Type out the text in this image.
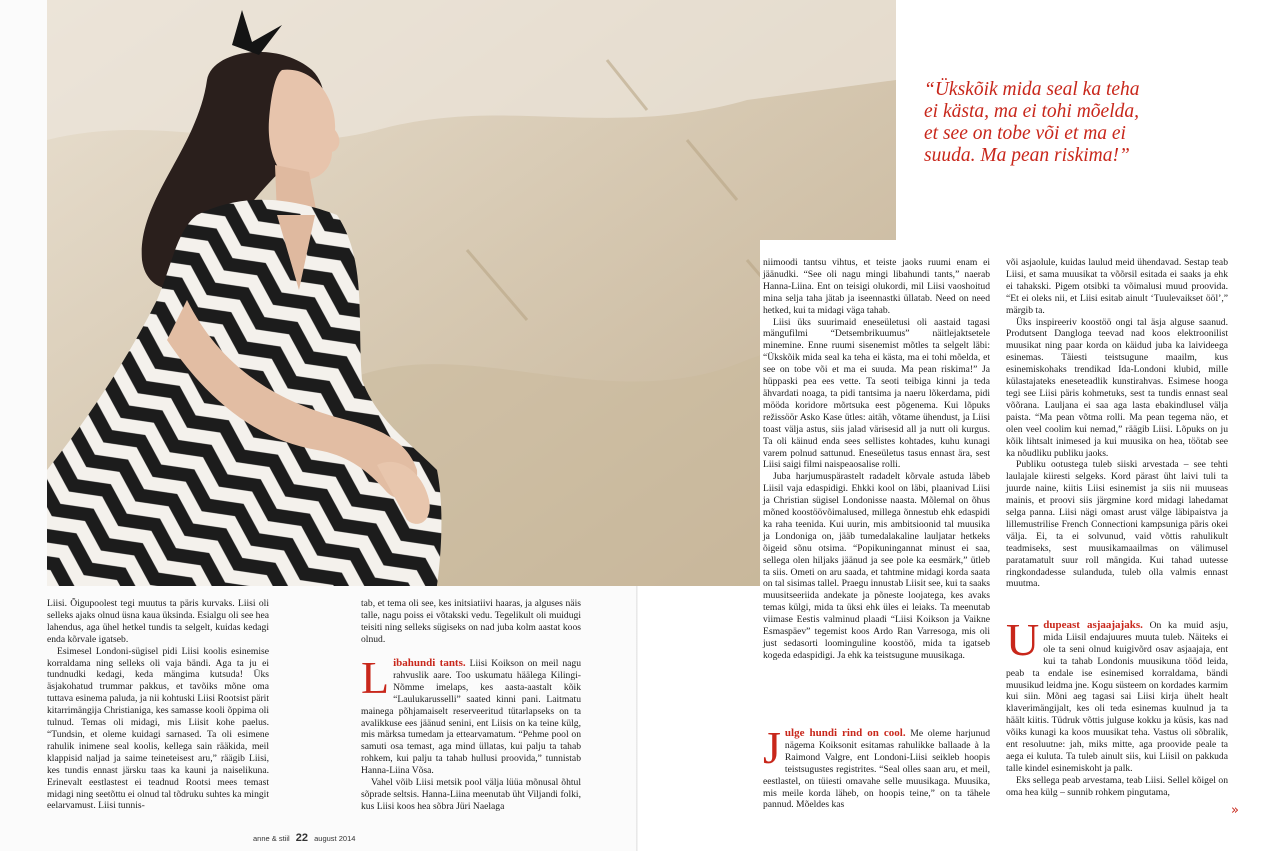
“Ükskõik mida seal ka teha ei kästa, ma ei tohi mõelda, et see on tobe või et ma ei suuda. Ma pean riskima!”

Liisi. Õigupoolest tegi muutus ta päris kurvaks. Liisi oli selleks ajaks olnud üsna kaua üksinda. Esialgu oli see hea lahendus, aga ühel hetkel tundis ta selgelt, kuidas kedagi enda kõrvale igatseb.

Esimesel Londoni-sügisel pidi Liisi koolis esinemise korraldama ning selleks oli vaja bändi. Aga ta ju ei tundnudki kedagi, keda mängima kutsuda! Üks äsjakohatud trummar pakkus, et tavõiks mõne oma tuttava esinema paluda, ja nii kohtuski Liisi Rootsist pärit kitarrimängija Christianiga, kes samasse kooli õppima oli tulnud. Temas oli midagi, mis Liisit kohe paelus. “Tundsin, et oleme kuidagi sarnased. Ta oli esimene rahulik inimene seal koolis, kellega sain rääkida, meil klappisid naljad ja saime teineteisest aru,” räägib Liisi, kes tundis ennast järsku taas ka kauni ja naiselikuna. Erinevalt eestlastest ei teadnud Rootsi mees temast midagi ning seetõttu ei olnud tal tõdruku suhtes ka mingit eelarvamust. Liisi tunnis-

tab, et tema oli see, kes initsiatiivi haaras, ja alguses näis talle, nagu poiss ei võtakski vedu. Tegelikult oli muidugi teisiti ning selleks sügiseks on nad juba kolm aastat koos olnud.

Libahundi tants. Liisi Koikson on meil nagu rahvuslik aare. Too uskumatu häälega Kilingi-Nõmme imelaps, kes aasta-aastalt kõik “Laulukarusselli” saated kinni pani. Laitmatu mainega põhjamaiselt reserveeritud tütarlapseks on ta avalikkuse ees jäänud senini, ent Liisis on ka teine külg, mis märksa tumedam ja ettearvamatum. “Pehme pool on samuti osa temast, aga mind üllatas, kui palju ta tahab rohkem, kui palju ta tahab hullusi proovida,” tunnistab Hanna-Liina Võsa.

Vahel võib Liisi metsik pool välja lüüa mõnusal õhtul sõprade seltsis. Hanna-Liina meenutab üht Viljandi folki, kus Liisi koos hea sõbra Jüri Naelaga

niimoodi tantsu vihtus, et teiste jaoks ruumi enam ei jäänudki. “See oli nagu mingi libahundi tants,” naerab Hanna-Liina. Ent on teisigi olukordi, mil Liisi vaoshoitud mina selja taha jätab ja iseennastki üllatab. Need on need hetked, kui ta midagi väga tahab.

Liisi üks suurimaid eneseületusi oli aastaid tagasi mängufilmi “Detsembrikuumus” näitlejaktsetele minemine. Enne ruumi sisenemist mõtles ta selgelt läbi: “Ükskõik mida seal ka teha ei kästa, ma ei tohi mõelda, et see on tobe või et ma ei suuda. Ma pean riskima!” Ja hüppaski pea ees vette. Ta seoti teibiga kinni ja teda ähvardati noaga, ta pidi tantsima ja naeru lõkerdama, pidi mööda koridore mõrtsuka eest põgenema. Kui lõpuks režissöör Asko Kase ütles: aitäh, võtame ühendust, ja Liisi toast välja astus, siis jalad värisesid all ja nutt oli kurgus. Ta oli käinud enda sees sellistes kohtades, kuhu kunagi varem polnud sattunud. Eneseületus tasus ennast ära, sest Liisi saigi filmi naispeaosalise rolli.

Juba harjumuspärastelt radadelt kõrvale astuda läbeb Liisil vaja edaspidigi. Ehkki kool on läbi, plaanivad Liisi ja Christian sügisel Londonisse naasta. Mõlemal on õhus mõned koostöövõimalused, millega õnnestub ehk edaspidi ka raha teenida. Kui uurin, mis ambitsioonid tal muusika ja Londoniga on, jääb tumedalakaline lauljatar hetkeks õigeid sõnu otsima. “Popikuningannat minust ei saa, sellega olen hiljaks jäänud ja see pole ka eesmärk,” ütleb ta siis. Ometi on aru saada, et tahtmine midagi korda saata on tal sisimas tallel. Praegu innustab Liisit see, kui ta saaks muusitseeriida andekate ja põneste loojatega, kes avaks temas külgi, mida ta üksi ehk üles ei leiaks. Ta meenutab viimase Eestis valminud plaadi “Liisi Koikson ja Vaikne Esmaspäev” tegemist koos Ardo Ran Varresoga, mis oli just sedasorti loominguline koostöö, mida ta igatseb kogeda edaspidigi. Ja ehk ka teistsugune muusikaga.

Julge hundi rind on cool. Me oleme harjunud nägema Koiksonit esitamas rahulikke ballaade à la Raimond Valgre, ent Londoni-Liisi seikleb hoopis teistsugustes registrites. “Seal olles saan aru, et meil, eestlastel, on tüiesti omavahe selle muusikaga. Muusika, mis meile korda läheb, on hoopis teine,” on ta tähele pannud. Mõeldes kas

või asjaolule, kuidas laulud meid ühendavad. Sestap teab Liisi, et sama muusikat ta võõrsil esitada ei saaks ja ehk ei tahakski. Pigem otsibki ta võimalusi muud proovida. “Et ei oleks nii, et Liisi esitab ainult ‘Tuulevaikset ööl’,” märgib ta.

Üks inspireeriv koostöö ongi tal äsja alguse saanud. Produtsent Dangloga teevad nad koos elektroonilist muusikat ning paar korda on käidud juba ka laivideega esinemas. Täiesti teistsugune maailm, kus esinemiskohaks trendikad Ida-Londoni klubid, mille külastajateks eneseteadlik kunstirahvas. Esimese hooga tegi see Liisi päris kohmetuks, sest ta tundis ennast seal võõrana. Lauljana ei saa aga lasta ebakindlusel välja paista. “Ma pean võtma rolli. Ma pean tegema näo, et olen veel coolim kui nemad,” räägib Liisi. Lõpuks on ju kõik lihtsalt inimesed ja kui muusika on hea, töötab see ka nõudliku publiku jaoks.

Publiku ootustega tuleb siiski arvestada – see tehti laulajale kiiresti selgeks. Kord pärast üht laivi tuli ta juurde naine, kiitis Liisi esinemist ja siis nii muuseas mainis, et proovi siis järgmine kord midagi lahedamat selga panna. Liisi nägi omast arust välge läbipaistva ja lillemustrilise French Connectioni kampsuniga päris okei välja. Ei, ta ei solvunud, vaid võttis rahulikult teadmiseks, sest muusikamaailmas on välimusel paratamatult suur roll mängida. Kui tahad uutesse ringkondadesse sulanduda, tuleb olla valmis ennast muutma.

Udupeast asjaajajaks. On ka muid asju, mida Liisil endajuures muuta tuleb. Näiteks ei ole ta seni olnud kuigivõrd osav asjaajaja, ent kui ta tahab Londonis muusikuna tööd leida, peab ta endale ise esinemised korraldama, bändi muusikud leidma jne. Kogu süsteem on kordades karmim kui siin. Mõni aeg tagasi sai Liisi kirja ühelt healt klaverimängijalt, kes oli teda esinemas kuulnud ja ta häält kiitis. Tüdruk võttis julguse kokku ja küsis, kas nad võiks kunagi ka koos muusikat teha. Vastus oli sõbralik, ent resoluutne: jah, miks mitte, aga proovide peale ta aega ei kuluta. Ta tuleb ainult siis, kui Liisil on pakkuda talle kindel esinemiskoht ja palk.

Eks sellega peab arvestama, teab Liisi. Sellel kõigel on oma hea külg – sunnib rohkem pingutama,

anne & stiil 22 august 2014
»
